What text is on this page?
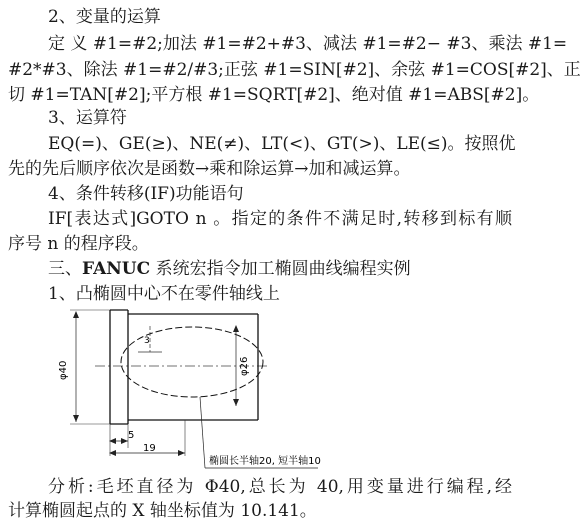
2、变量的运算
定 义 #1=#2;加法 #1=#2+#3、减法 #1=#2− #3、乘法 #1=
#2*#3、除法 #1=#2/#3;正弦 #1=SIN[#2]、余弦 #1=COS[#2]、正
切 #1=TAN[#2];平方根 #1=SQRT[#2]、绝对值 #1=ABS[#2]。
3、运算符
EQ(=)、GE(≥)、NE(≠)、LT(<)、GT(>)、LE(≤)。按照优
先的先后顺序依次是函数→乘和除运算→加和减运算。
4、条件转移(IF)功能语句
IF[表达式]GOTO n 。指定的条件不满足时,转移到标有顺
序号 n 的程序段。
三、FANUC 系统宏指令加工椭圆曲线编程实例
1、凸椭圆中心不在零件轴线上
φ40	φ26
3
5
19
椭圆长半轴20, 短半轴10
分析:毛坯直径为 Φ40,总长为 40,用变量进行编程,经
计算椭圆起点的 X 轴坐标值为 10.141。
